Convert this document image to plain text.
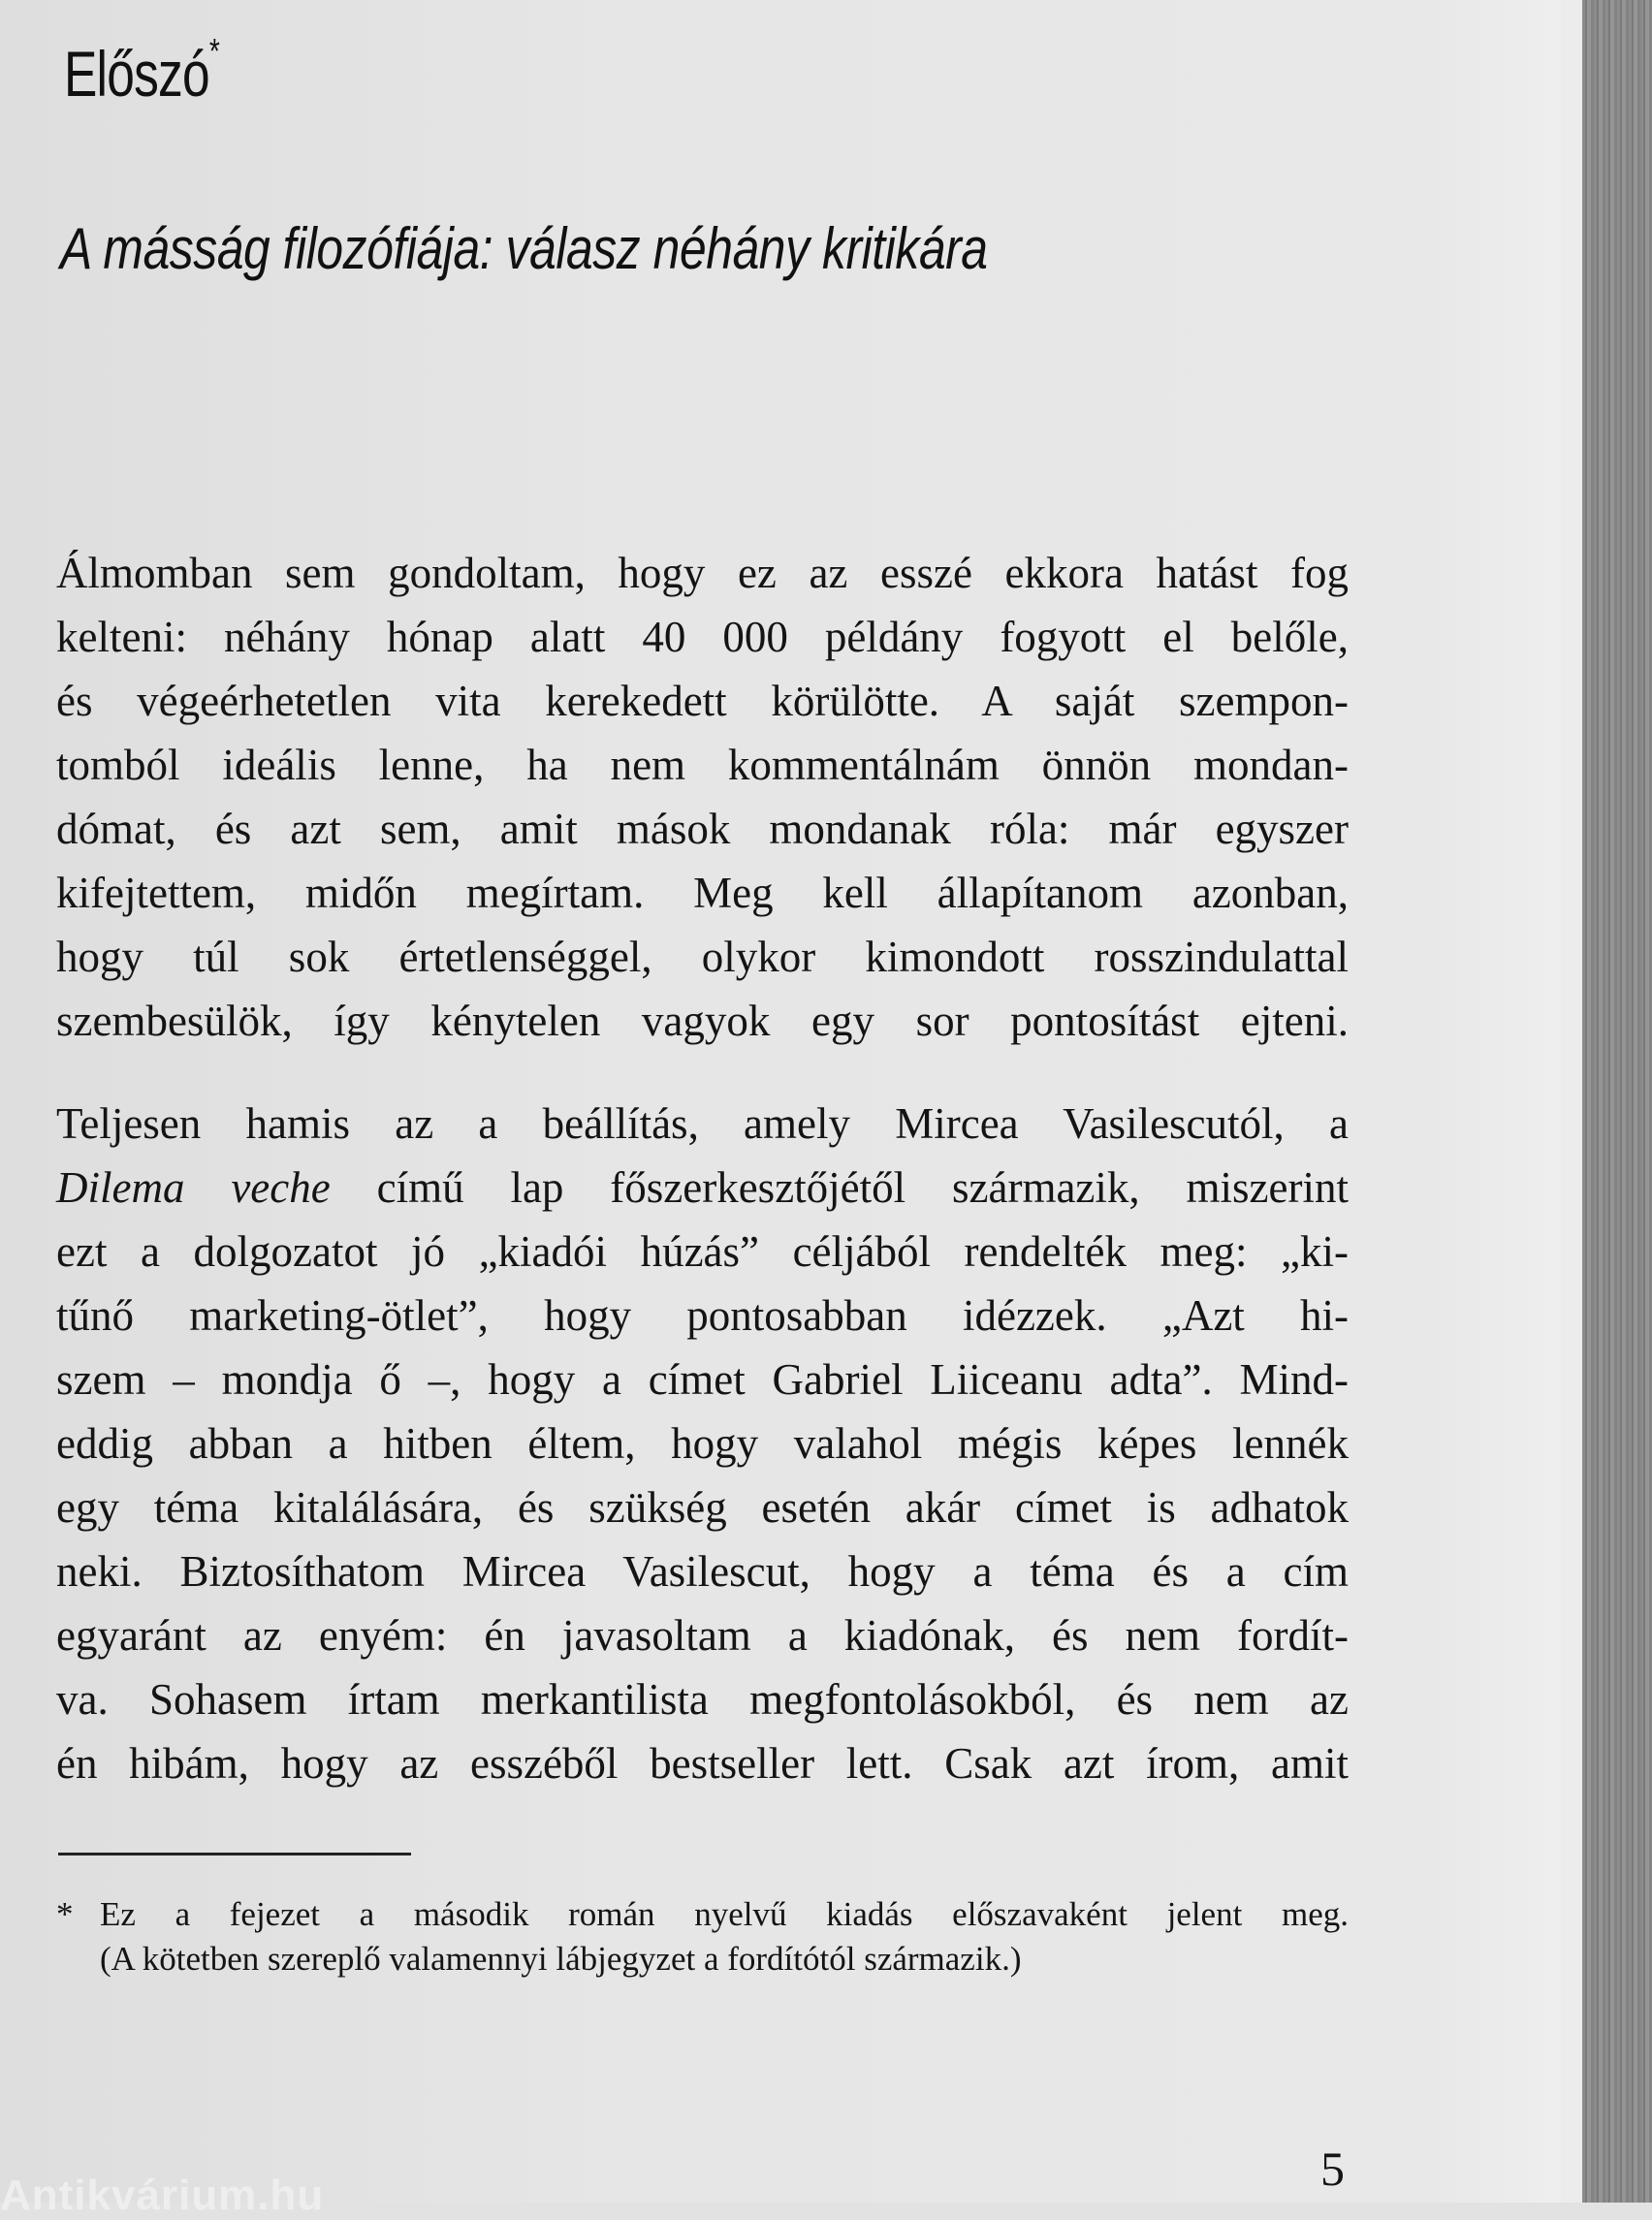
Előszó*
A másság filozófiája: válasz néhány kritikára
Álmomban sem gondoltam, hogy ez az esszé ekkora hatást fog
kelteni: néhány hónap alatt 40 000 példány fogyott el belőle,
és végeérhetetlen vita kerekedett körülötte. A saját szempon-
tomból ideális lenne, ha nem kommentálnám önnön mondan-
dómat, és azt sem, amit mások mondanak róla: már egyszer
kifejtettem, midőn megírtam. Meg kell állapítanom azonban,
hogy túl sok értetlenséggel, olykor kimondott rosszindulattal
szembesülök, így kénytelen vagyok egy sor pontosítást ejteni.
Teljesen hamis az a beállítás, amely Mircea Vasilescutól, a
Dilema veche című lap főszerkesztőjétől származik, miszerint
ezt a dolgozatot jó „kiadói húzás” céljából rendelték meg: „ki-
tűnő marketing-ötlet”, hogy pontosabban idézzek. „Azt hi-
szem – mondja ő –, hogy a címet Gabriel Liiceanu adta”. Mind-
eddig abban a hitben éltem, hogy valahol mégis képes lennék
egy téma kitalálására, és szükség esetén akár címet is adhatok
neki. Biztosíthatom Mircea Vasilescut, hogy a téma és a cím
egyaránt az enyém: én javasoltam a kiadónak, és nem fordít-
va. Sohasem írtam merkantilista megfontolásokból, és nem az
én hibám, hogy az esszéből bestseller lett. Csak azt írom, amit
* Ez a fejezet a második román nyelvű kiadás előszavaként jelent meg.
(A kötetben szereplő valamennyi lábjegyzet a fordítótól származik.)
5
Antikvárium.hu
